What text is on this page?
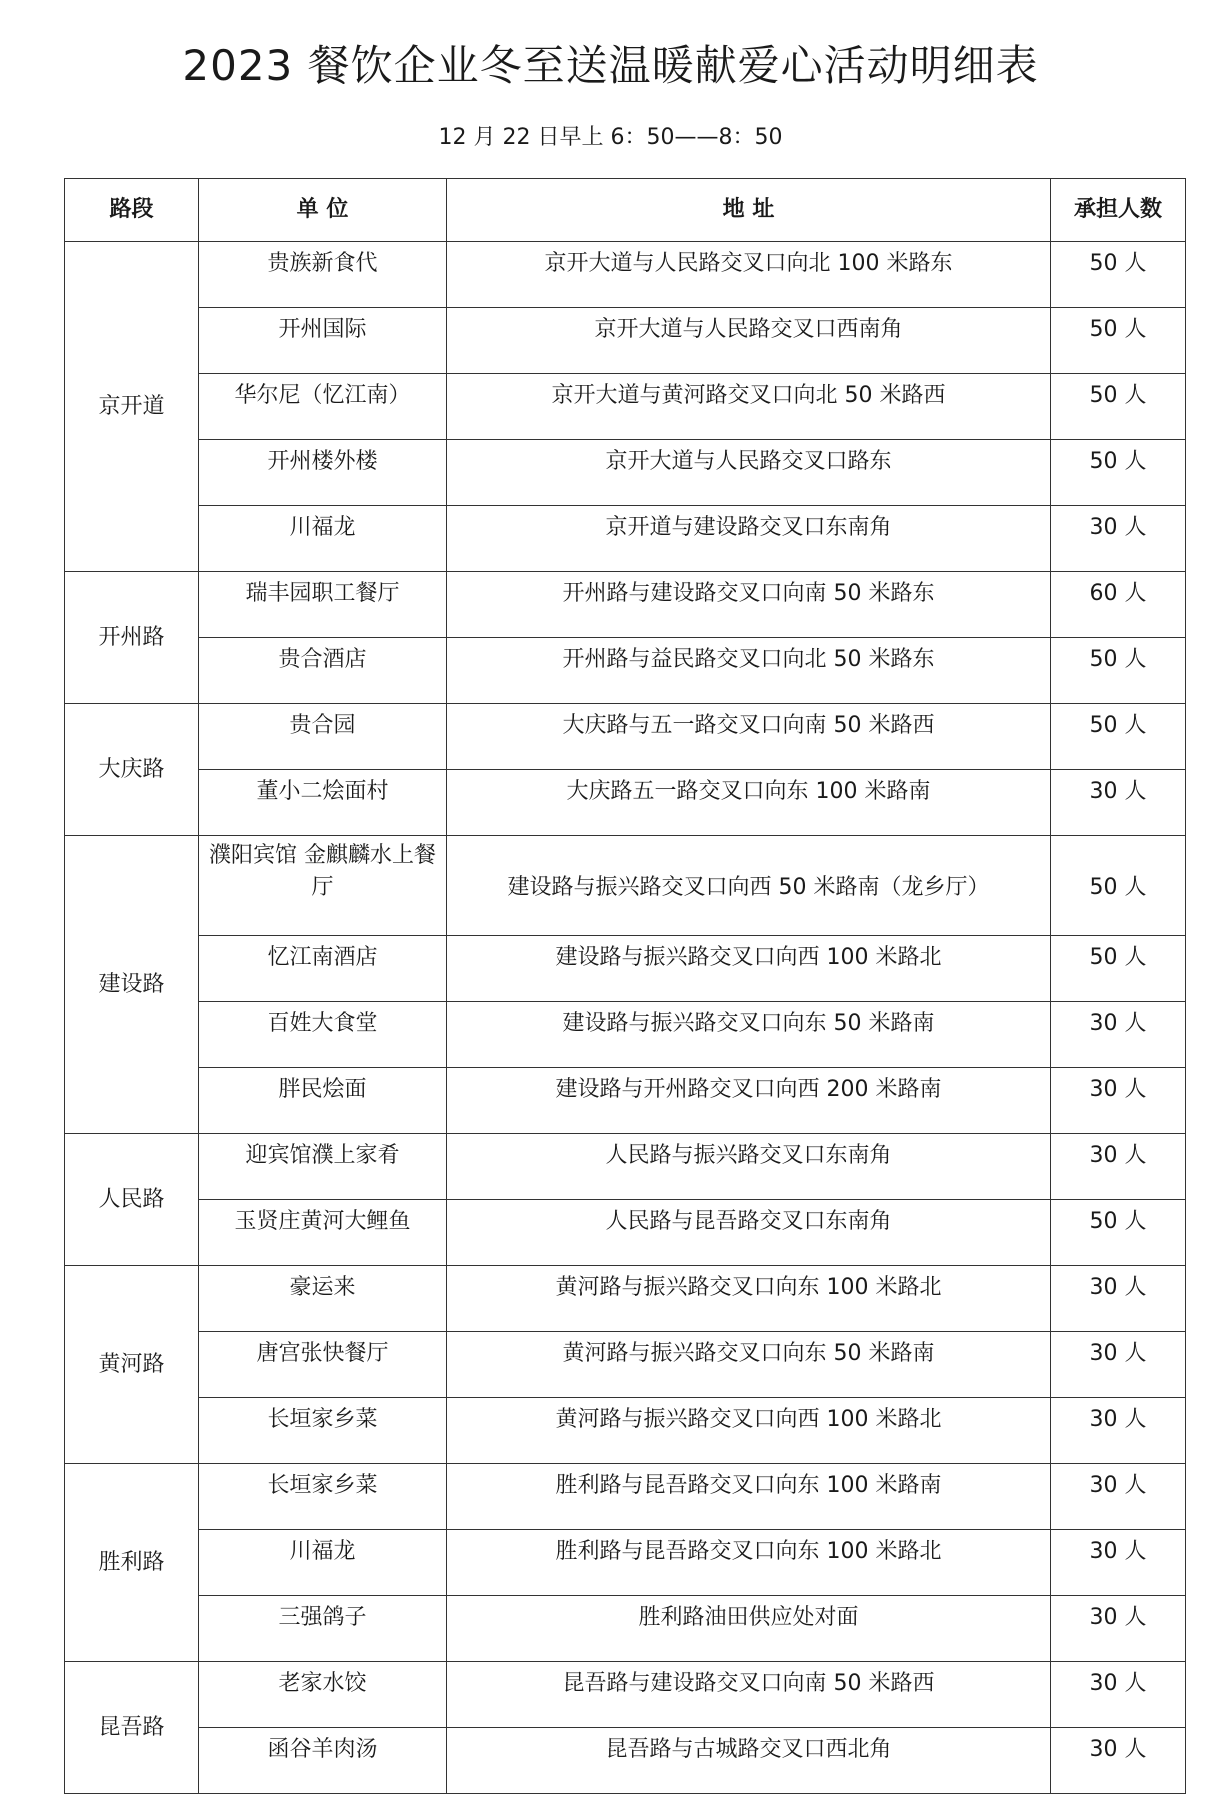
2023 餐饮企业冬至送温暖献爱心活动明细表
12 月 22 日早上 6：50——8：50
路段	单 位	地 址	承担人数
京开道	贵族新食代	京开大道与人民路交叉口向北 100 米路东	50 人
	开州国际	京开大道与人民路交叉口西南角	50 人
	华尔尼（忆江南）	京开大道与黄河路交叉口向北 50 米路西	50 人
	开州楼外楼	京开大道与人民路交叉口路东	50 人
	川福龙	京开道与建设路交叉口东南角	30 人
开州路	瑞丰园职工餐厅	开州路与建设路交叉口向南 50 米路东	60 人
	贵合酒店	开州路与益民路交叉口向北 50 米路东	50 人
大庆路	贵合园	大庆路与五一路交叉口向南 50 米路西	50 人
	董小二烩面村	大庆路五一路交叉口向东 100 米路南	30 人
建设路	濮阳宾馆 金麒麟水上餐厅	建设路与振兴路交叉口向西 50 米路南（龙乡厅）	50 人
	忆江南酒店	建设路与振兴路交叉口向西 100 米路北	50 人
	百姓大食堂	建设路与振兴路交叉口向东 50 米路南	30 人
	胖民烩面	建设路与开州路交叉口向西 200 米路南	30 人
人民路	迎宾馆濮上家肴	人民路与振兴路交叉口东南角	30 人
	玉贤庄黄河大鲤鱼	人民路与昆吾路交叉口东南角	50 人
黄河路	豪运来	黄河路与振兴路交叉口向东 100 米路北	30 人
	唐宫张快餐厅	黄河路与振兴路交叉口向东 50 米路南	30 人
	长垣家乡菜	黄河路与振兴路交叉口向西 100 米路北	30 人
胜利路	长垣家乡菜	胜利路与昆吾路交叉口向东 100 米路南	30 人
	川福龙	胜利路与昆吾路交叉口向东 100 米路北	30 人
	三强鸽子	胜利路油田供应处对面	30 人
昆吾路	老家水饺	昆吾路与建设路交叉口向南 50 米路西	30 人
	函谷羊肉汤	昆吾路与古城路交叉口西北角	30 人
